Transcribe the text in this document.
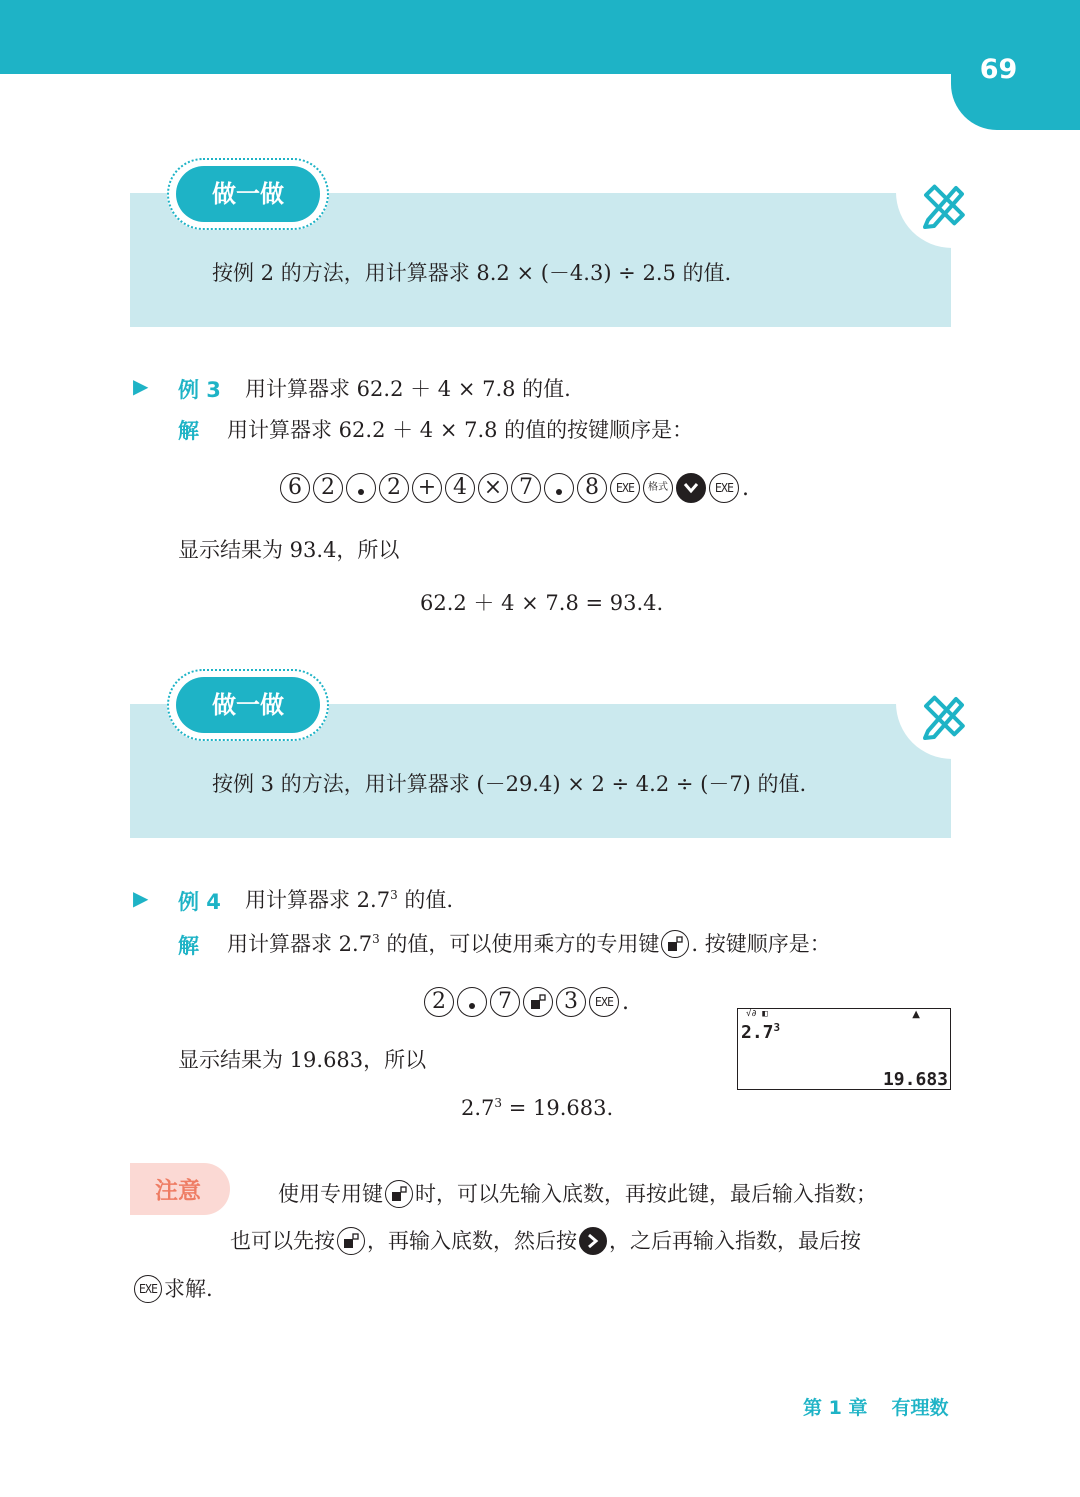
69
做一做
按例 2 的方法，用计算器求 8.2 × (－4.3) ÷ 2.5 的值.
▶ 例 3 用计算器求 62.2 ＋ 4 × 7.8 的值.
解 用计算器求 62.2 ＋ 4 × 7.8 的值的按键顺序是：
6 2	2 + 4 × 7	8	EXE	格式	EXE .
显示结果为 93.4，所以
62.2 ＋ 4 × 7.8 = 93.4.
做一做
按例 3 的方法，用计算器求 (－29.4) × 2 ÷ 4.2 ÷ (－7) 的值.
▶ 例 4 用计算器求 $2.7^3$ 的值.
解 用计算器求 $2.7^3$ 的值，可以使用乘方的专用键 . 按键顺序是：
2	7	3	EXE .	√∂ ◧	▲
$2.7^3$
19.683
显示结果为 19.683，所以
$2.7^3 = 19.683$.
注意	使用专用键 时，可以先输入底数，再按此键，最后输入指数；
也可以先按 ，再输入底数，然后按 ，之后再输入指数，最后按
EXE 求解.
第 1 章 有理数
